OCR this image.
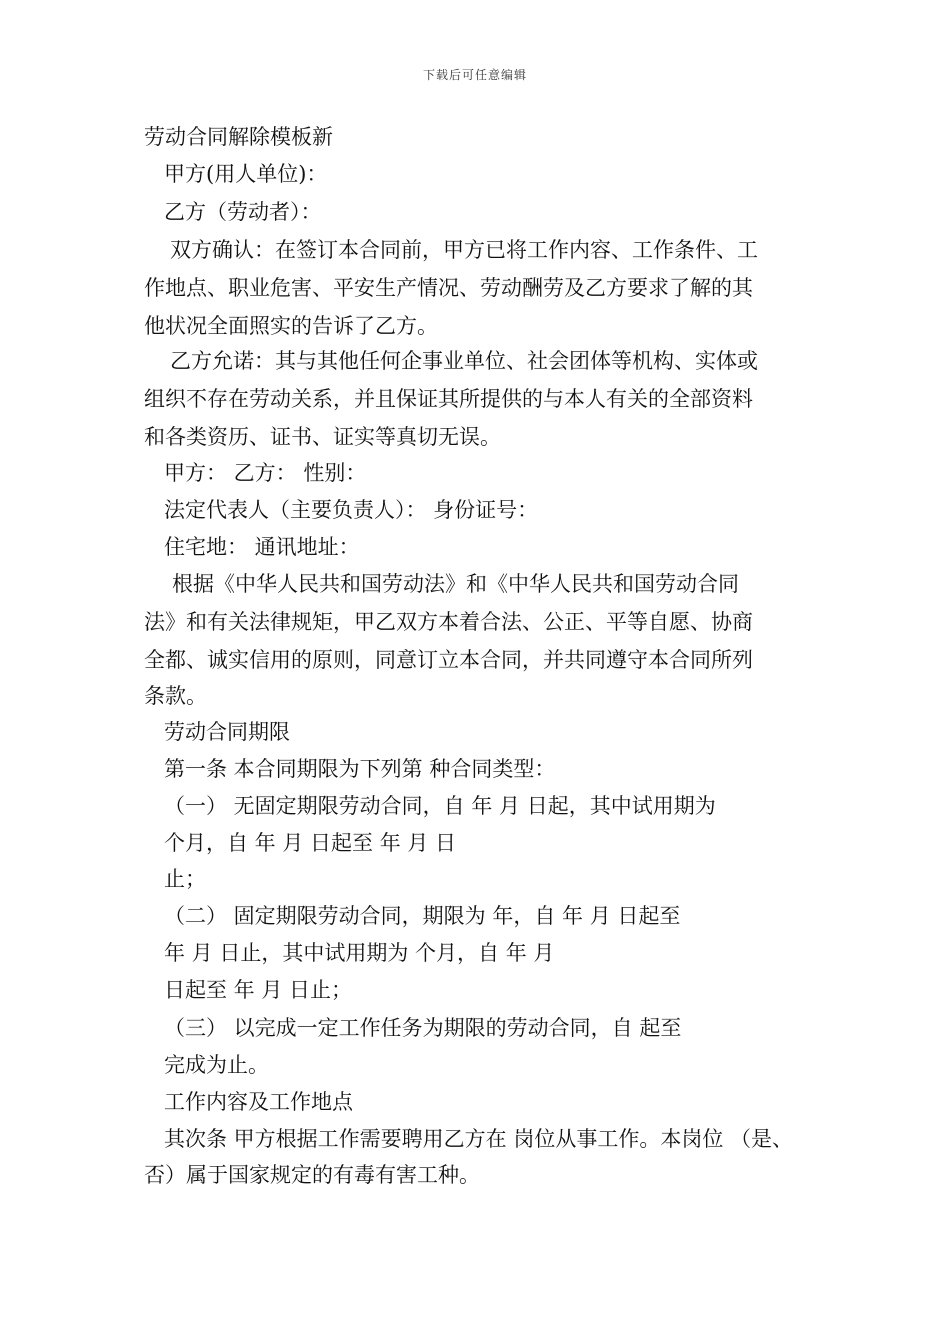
下载后可任意编辑
劳动合同解除模板新
甲方(用人单位)：
乙方（劳动者）：
双方确认：在签订本合同前，甲方已将工作内容、工作条件、工
作地点、职业危害、平安生产情况、劳动酬劳及乙方要求了解的其
他状况全面照实的告诉了乙方。
乙方允诺：其与其他任何企事业单位、社会团体等机构、实体或
组织不存在劳动关系，并且保证其所提供的与本人有关的全部资料
和各类资历、证书、证实等真切无误。
甲方： 乙方： 性别：
法定代表人（主要负责人）： 身份证号：
住宅地： 通讯地址：
根据《中华人民共和国劳动法》和《中华人民共和国劳动合同
法》和有关法律规矩，甲乙双方本着合法、公正、平等自愿、协商
全都、诚实信用的原则，同意订立本合同，并共同遵守本合同所列
条款。
劳动合同期限
第一条 本合同期限为下列第 种合同类型：
（一） 无固定期限劳动合同，自 年 月 日起，其中试用期为
个月，自 年 月 日起至 年 月 日
止；
（二） 固定期限劳动合同，期限为 年，自 年 月 日起至
年 月 日止，其中试用期为 个月，自 年 月
日起至 年 月 日止；
（三） 以完成一定工作任务为期限的劳动合同，自 起至
完成为止。
工作内容及工作地点
其次条 甲方根据工作需要聘用乙方在 岗位从事工作。本岗位 （是、
否）属于国家规定的有毒有害工种。
